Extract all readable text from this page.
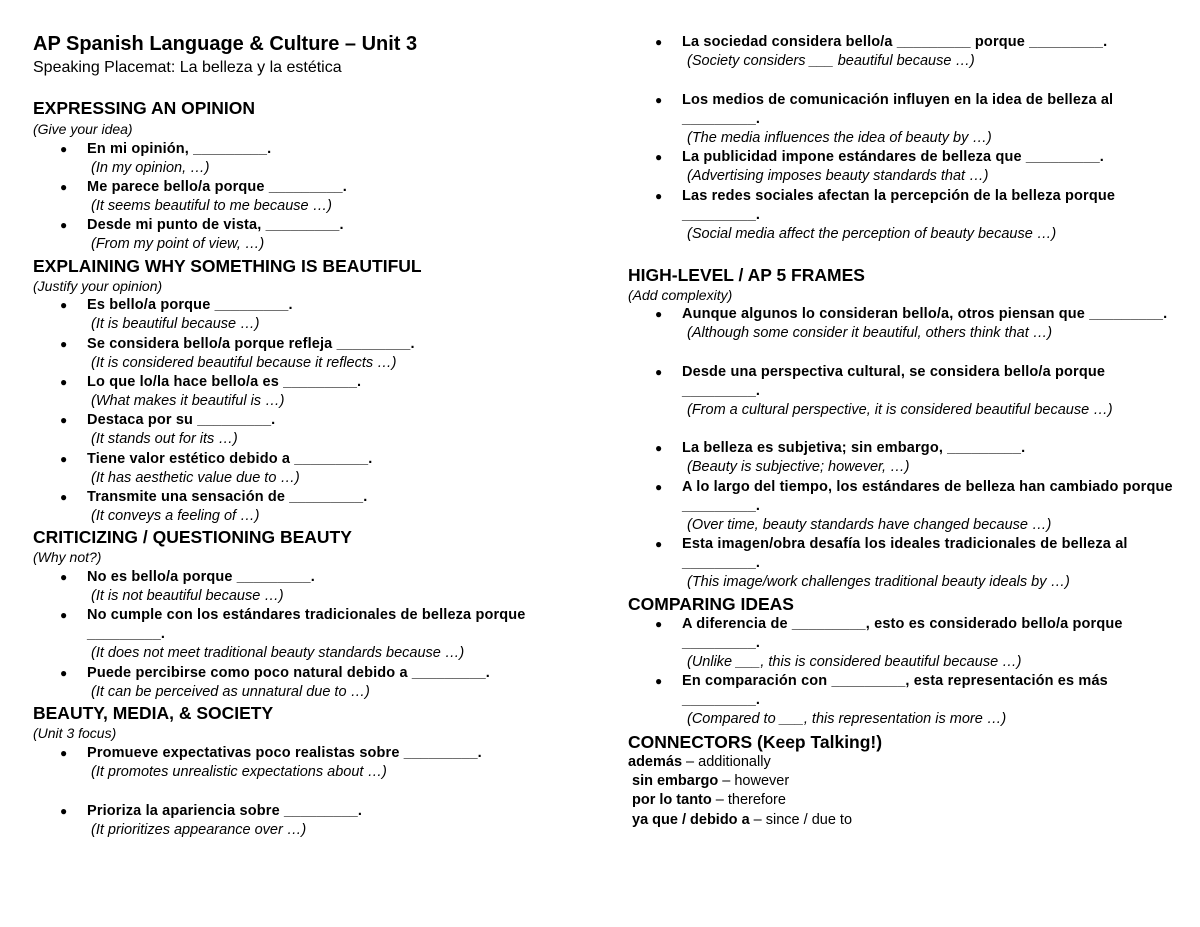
AP Spanish Language & Culture – Unit 3
Speaking Placemat: La belleza y la estética
EXPRESSING AN OPINION
(Give your idea)
● En mi opinión, _________.
(In my opinion, …)
● Me parece bello/a porque _________.
(It seems beautiful to me because …)
● Desde mi punto de vista, _________.
(From my point of view, …)
EXPLAINING WHY SOMETHING IS BEAUTIFUL
(Justify your opinion)
● Es bello/a porque _________.
(It is beautiful because …)
● Se considera bello/a porque refleja _________.
(It is considered beautiful because it reflects …)
● Lo que lo/la hace bello/a es _________.
(What makes it beautiful is …)
● Destaca por su _________.
(It stands out for its …)
● Tiene valor estético debido a _________.
(It has aesthetic value due to …)
● Transmite una sensación de _________.
(It conveys a feeling of …)
CRITICIZING / QUESTIONING BEAUTY
(Why not?)
● No es bello/a porque _________.
(It is not beautiful because …)
● No cumple con los estándares tradicionales de belleza porque _________.
(It does not meet traditional beauty standards because …)
● Puede percibirse como poco natural debido a _________.
(It can be perceived as unnatural due to …)
BEAUTY, MEDIA, & SOCIETY
(Unit 3 focus)
● Promueve expectativas poco realistas sobre _________.
(It promotes unrealistic expectations about …)
● Prioriza la apariencia sobre _________.
(It prioritizes appearance over …)
● La sociedad considera bello/a _________ porque _________.
(Society considers ___ beautiful because …)
● Los medios de comunicación influyen en la idea de belleza al _________.
(The media influences the idea of beauty by …)
● La publicidad impone estándares de belleza que _________.
(Advertising imposes beauty standards that …)
● Las redes sociales afectan la percepción de la belleza porque _________.
(Social media affect the perception of beauty because …)
HIGH-LEVEL / AP 5 FRAMES
(Add complexity)
● Aunque algunos lo consideran bello/a, otros piensan que _________.
(Although some consider it beautiful, others think that …)
● Desde una perspectiva cultural, se considera bello/a porque _________.
(From a cultural perspective, it is considered beautiful because …)
● La belleza es subjetiva; sin embargo, _________.
(Beauty is subjective; however, …)
● A lo largo del tiempo, los estándares de belleza han cambiado porque _________.
(Over time, beauty standards have changed because …)
● Esta imagen/obra desafía los ideales tradicionales de belleza al _________.
(This image/work challenges traditional beauty ideals by …)
COMPARING IDEAS
● A diferencia de _________, esto es considerado bello/a porque _________.
(Unlike ___, this is considered beautiful because …)
● En comparación con _________, esta representación es más _________.
(Compared to ___, this representation is more …)
CONNECTORS (Keep Talking!)
además – additionally
sin embargo – however
por lo tanto – therefore
ya que / debido a – since / due to
